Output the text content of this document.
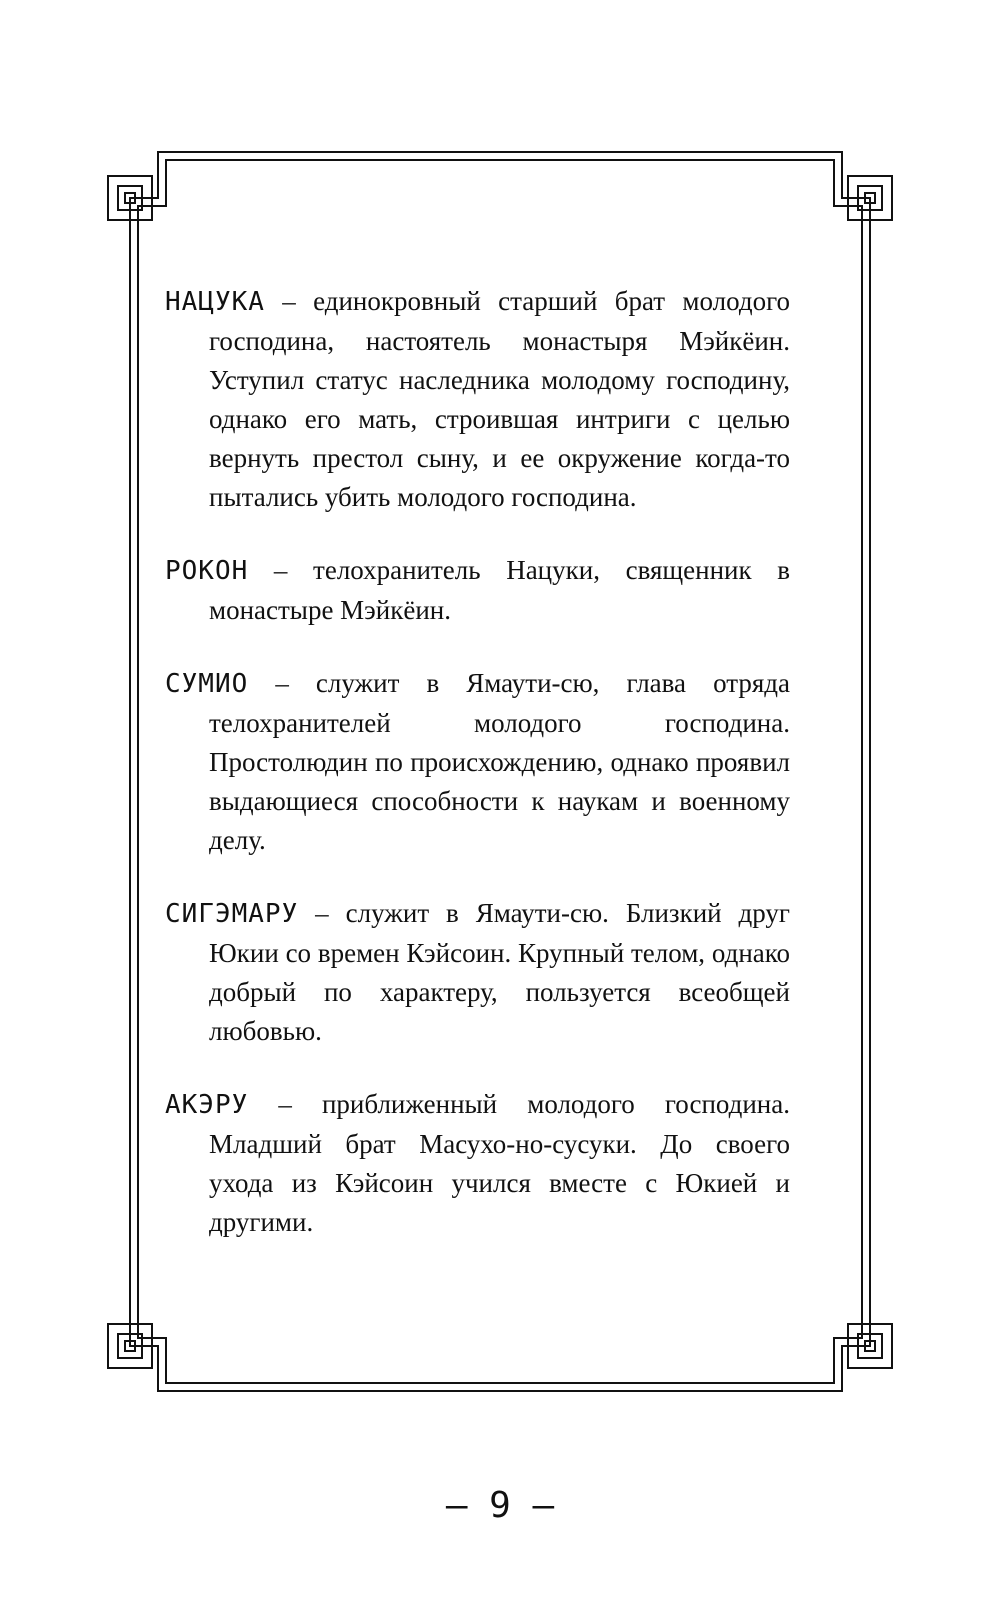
НАЦУКА – единокровный старший брат молодого господина, настоятель монастыря Мэйкёин. Уступил статус наследника молодому господину, однако его мать, строившая интриги с целью вернуть престол сыну, и ее окружение когда-то пытались убить молодого господина.

РОКОН – телохранитель Нацуки, священник в монастыре Мэйкёин.

СУМИО – служит в Ямаути-сю, глава отряда телохранителей молодого господина. Простолюдин по происхождению, однако проявил выдающиеся способности к наукам и военному делу.

СИГЭМАРУ – служит в Ямаути-сю. Близкий друг Юкии со времен Кэйсоин. Крупный телом, однако добрый по характеру, пользуется всеобщей любовью.

АКЭРУ – приближенный молодого господина. Младший брат Масухо-но-сусуки. До своего ухода из Кэйсоин учился вместе с Юкией и другими.

– 9 –
